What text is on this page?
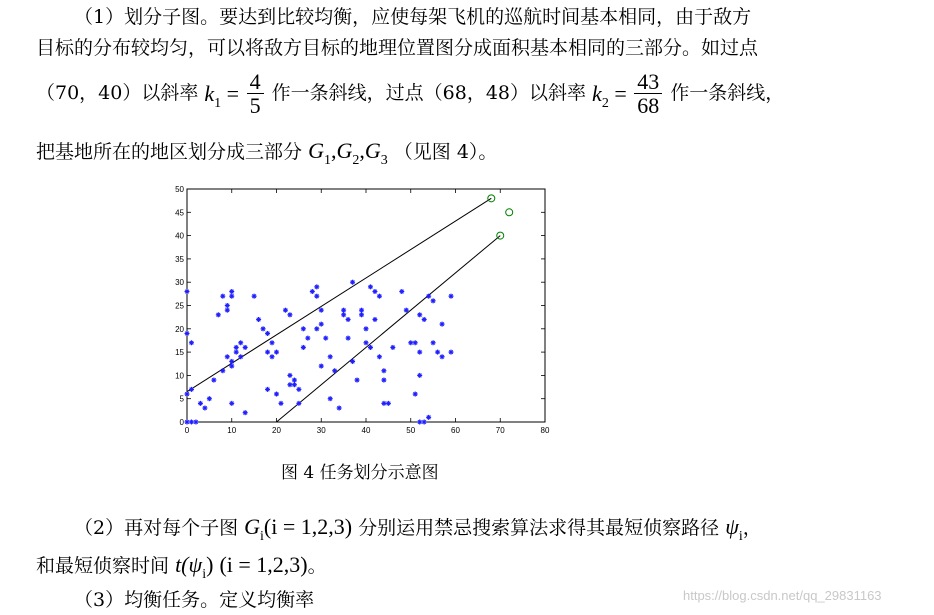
（1）划分子图。要达到比较均衡，应使每架飞机的巡航时间基本相同，由于敌方
目标的分布较均匀，可以将敌方目标的地理位置图分成面积基本相同的三部分。如过点
（70，40）以斜率 $k_1 = \frac{4}{5}$ 作一条斜线，过点（68，48）以斜率 $k_2 = \frac{43}{68}$ 作一条斜线，
把基地所在的地区划分成三部分 $G_1,G_2,G_3$ （见图 4）。
0	10	20	30	40	50	60	70	80
0
5
10
15
20
25
30
35
40
45
50
图 4 任务划分示意图
（2）再对每个子图 $G_i(i = 1,2,3)$ 分别运用禁忌搜索算法求得其最短侦察路径 $\psi_i$，
和最短侦察时间 $t(\psi_i) (i = 1,2,3)$。
（3）均衡任务。定义均衡率	https://blog.csdn.net/qq_29831163
